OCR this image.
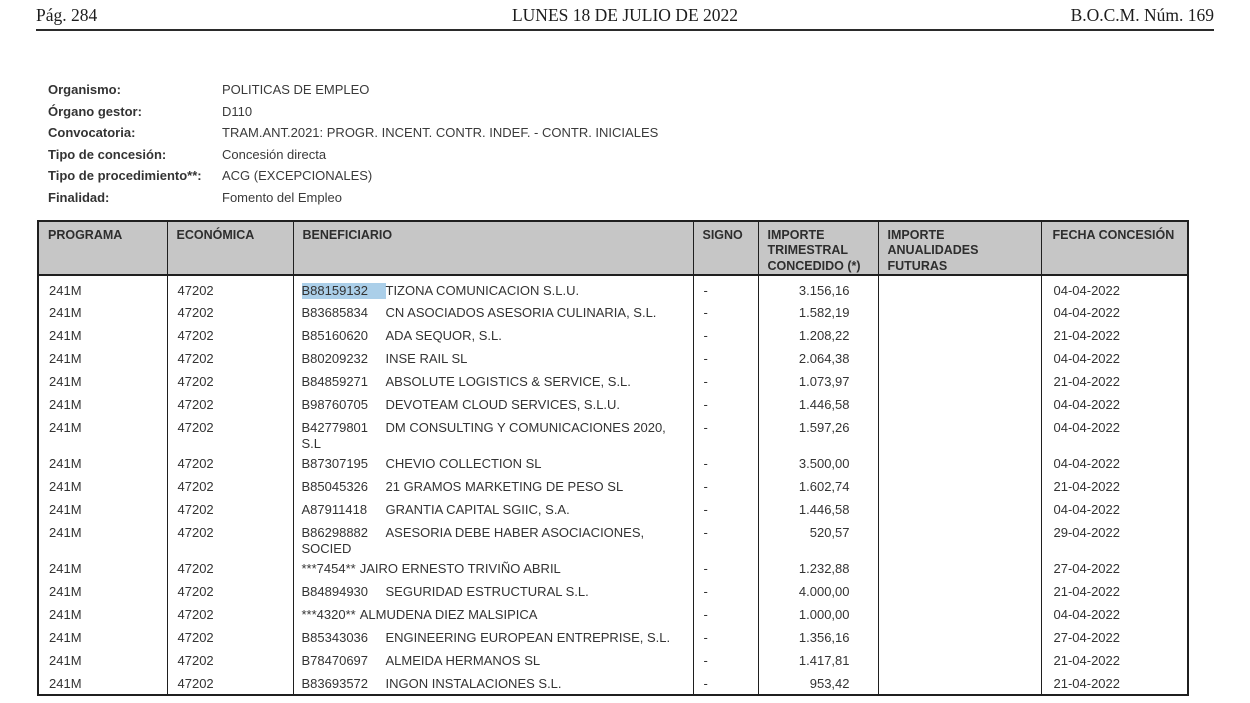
Pág. 284	LUNES 18 DE JULIO DE 2022	B.O.C.M. Núm. 169
Organismo:	POLITICAS DE EMPLEO
Órgano gestor:	D110
Convocatoria:	TRAM.ANT.2021: PROGR. INCENT. CONTR. INDEF. - CONTR. INICIALES
Tipo de concesión:	Concesión directa
Tipo de procedimiento**:	ACG (EXCEPCIONALES)
Finalidad:	Fomento del Empleo
PROGRAMA	ECONÓMICA	BENEFICIARIO	SIGNO	IMPORTE TRIMESTRAL CONCEDIDO (*)	IMPORTE ANUALIDADES FUTURAS	FECHA CONCESIÓN
241M	47202	B88159132 TIZONA COMUNICACION S.L.U.	-	3.156,16		04-04-2022
241M	47202	B83685834 CN ASOCIADOS ASESORIA CULINARIA, S.L.	-	1.582,19		04-04-2022
241M	47202	B85160620 ADA SEQUOR, S.L.	-	1.208,22		21-04-2022
241M	47202	B80209232 INSE RAIL SL	-	2.064,38		04-04-2022
241M	47202	B84859271 ABSOLUTE LOGISTICS & SERVICE, S.L.	-	1.073,97		21-04-2022
241M	47202	B98760705 DEVOTEAM CLOUD SERVICES, S.L.U.	-	1.446,58		04-04-2022
241M	47202	B42779801 DM CONSULTING Y COMUNICACIONES 2020, S.L	-	1.597,26		04-04-2022
241M	47202	B87307195 CHEVIO COLLECTION SL	-	3.500,00		04-04-2022
241M	47202	B85045326 21 GRAMOS MARKETING DE PESO SL	-	1.602,74		21-04-2022
241M	47202	A87911418 GRANTIA CAPITAL SGIIC, S.A.	-	1.446,58		04-04-2022
241M	47202	B86298882 ASESORIA DEBE HABER ASOCIACIONES, SOCIED	-	520,57		29-04-2022
241M	47202	***7454** JAIRO ERNESTO TRIVIÑO ABRIL	-	1.232,88		27-04-2022
241M	47202	B84894930 SEGURIDAD ESTRUCTURAL S.L.	-	4.000,00		21-04-2022
241M	47202	***4320** ALMUDENA DIEZ MALSIPICA	-	1.000,00		04-04-2022
241M	47202	B85343036 ENGINEERING EUROPEAN ENTREPRISE, S.L.	-	1.356,16		27-04-2022
241M	47202	B78470697 ALMEIDA HERMANOS SL	-	1.417,81		21-04-2022
241M	47202	B83693572 INGON INSTALACIONES S.L.	-	953,42		21-04-2022
